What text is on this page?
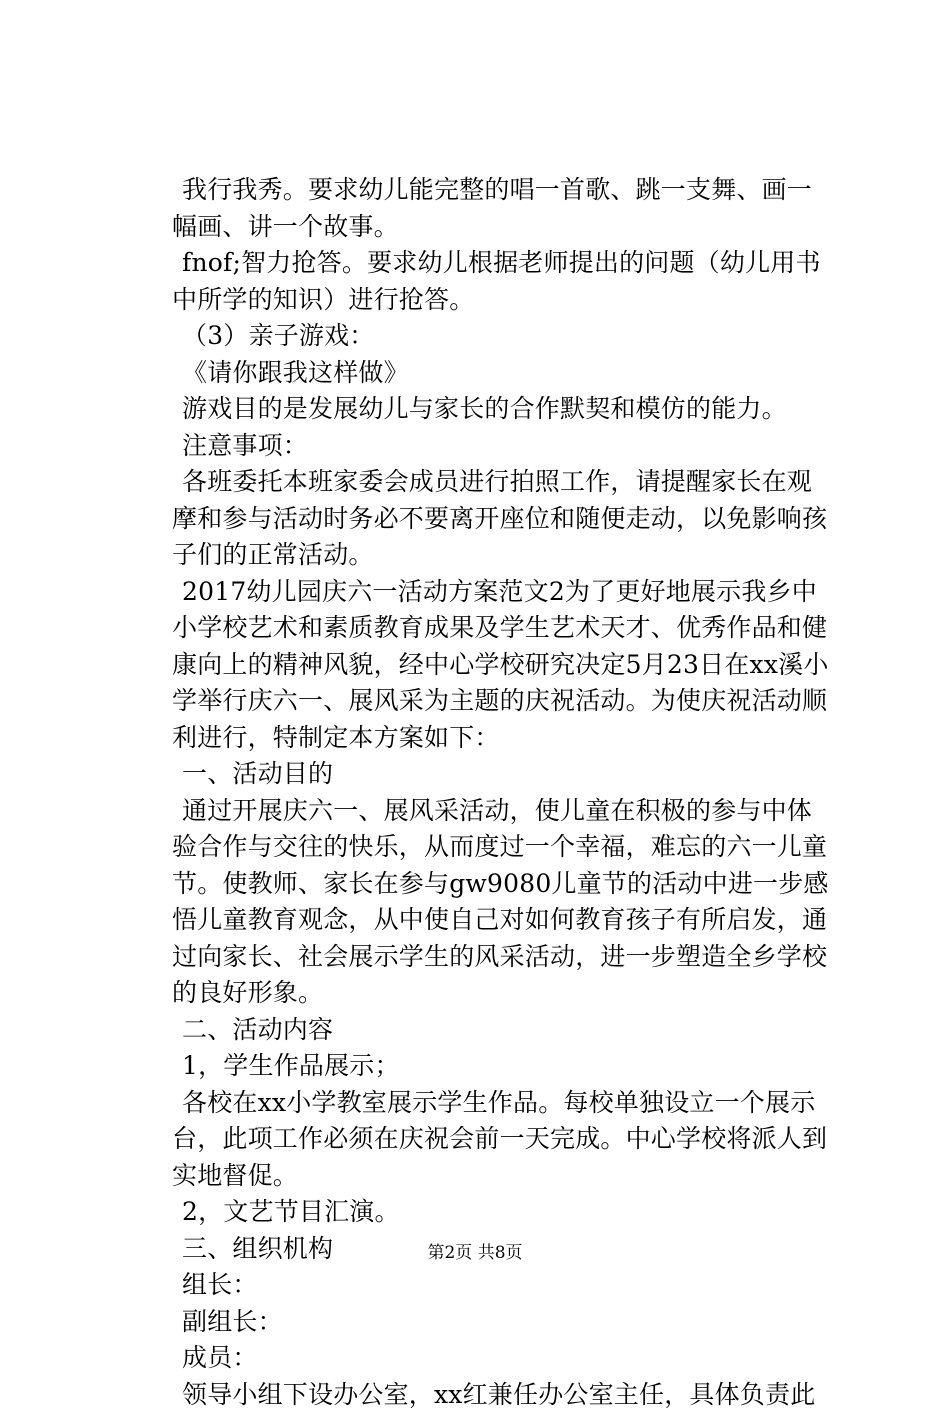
我行我秀。要求幼儿能完整的唱一首歌、跳一支舞、画一幅画、讲一个故事。

fnof;智力抢答。要求幼儿根据老师提出的问题（幼儿用书中所学的知识）进行抢答。

（3）亲子游戏：

《请你跟我这样做》

游戏目的是发展幼儿与家长的合作默契和模仿的能力。

注意事项：

各班委托本班家委会成员进行拍照工作，请提醒家长在观摩和参与活动时务必不要离开座位和随便走动，以免影响孩子们的正常活动。

2017幼儿园庆六一活动方案范文2为了更好地展示我乡中小学校艺术和素质教育成果及学生艺术天才、优秀作品和健康向上的精神风貌，经中心学校研究决定5月23日在xx溪小学举行庆六一、展风采为主题的庆祝活动。为使庆祝活动顺利进行，特制定本方案如下：

一、活动目的

通过开展庆六一、展风采活动，使儿童在积极的参与中体验合作与交往的快乐，从而度过一个幸福，难忘的六一儿童节。使教师、家长在参与gw9080儿童节的活动中进一步感悟儿童教育观念，从中使自己对如何教育孩子有所启发，通过向家长、社会展示学生的风采活动，进一步塑造全乡学校的良好形象。

二、活动内容

1，学生作品展示；

各校在xx小学教室展示学生作品。每校单独设立一个展示台，此项工作必须在庆祝会前一天完成。中心学校将派人到实地督促。

2，文艺节目汇演。

三、组织机构

组长：

副组长：

成员：

领导小组下设办公室，xx红兼任办公室主任，具体负责此

第2页 共8页
